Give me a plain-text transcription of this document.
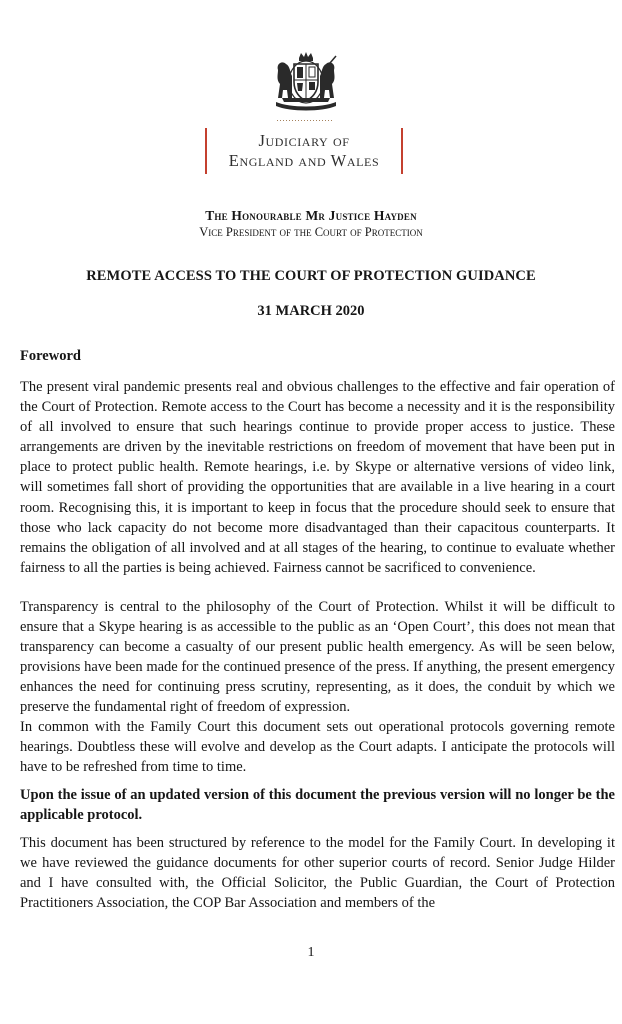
...................
Judiciary of
England and Wales
The Honourable Mr Justice Hayden
Vice President of the Court of Protection
REMOTE ACCESS TO THE COURT OF PROTECTION GUIDANCE
31 MARCH 2020
Foreword

The present viral pandemic presents real and obvious challenges to the effective and fair operation of the Court of Protection. Remote access to the Court has become a necessity and it is the responsibility of all involved to ensure that such hearings continue to provide proper access to justice. These arrangements are driven by the inevitable restrictions on freedom of movement that have been put in place to protect public health. Remote hearings, i.e. by Skype or alternative versions of video link, will sometimes fall short of providing the opportunities that are available in a live hearing in a court room. Recognising this, it is important to keep in focus that the procedure should seek to ensure that those who lack capacity do not become more disadvantaged than their capacitous counterparts. It remains the obligation of all involved and at all stages of the hearing, to continue to evaluate whether fairness to all the parties is being achieved. Fairness cannot be sacrificed to convenience.

Transparency is central to the philosophy of the Court of Protection. Whilst it will be difficult to ensure that a Skype hearing is as accessible to the public as an ‘Open Court’, this does not mean that transparency can become a casualty of our present public health emergency. As will be seen below, provisions have been made for the continued presence of the press. If anything, the present emergency enhances the need for continuing press scrutiny, representing, as it does, the conduit by which we preserve the fundamental right of freedom of expression.

In common with the Family Court this document sets out operational protocols governing remote hearings. Doubtless these will evolve and develop as the Court adapts. I anticipate the protocols will have to be refreshed from time to time.

Upon the issue of an updated version of this document the previous version will no longer be the applicable protocol.

This document has been structured by reference to the model for the Family Court. In developing it we have reviewed the guidance documents for other superior courts of record. Senior Judge Hilder and I have consulted with, the Official Solicitor, the Public Guardian, the Court of Protection Practitioners Association, the COP Bar Association and members of the

1
